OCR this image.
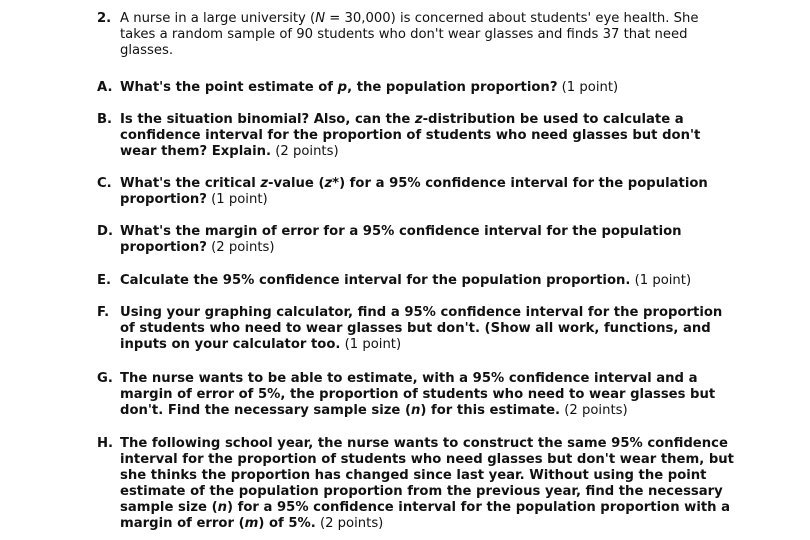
2. A nurse in a large university (N = 30,000) is concerned about students' eye health. She takes a random sample of 90 students who don't wear glasses and finds 37 that need glasses.
A. What's the point estimate of p, the population proportion? (1 point)
B. Is the situation binomial? Also, can the z-distribution be used to calculate a confidence interval for the proportion of students who need glasses but don't wear them? Explain. (2 points)
C. What's the critical z-value (z*) for a 95% confidence interval for the population proportion? (1 point)
D. What's the margin of error for a 95% confidence interval for the population proportion? (2 points)
E. Calculate the 95% confidence interval for the population proportion. (1 point)
F. Using your graphing calculator, find a 95% confidence interval for the proportion of students who need to wear glasses but don't. (Show all work, functions, and inputs on your calculator too. (1 point)
G. The nurse wants to be able to estimate, with a 95% confidence interval and a margin of error of 5%, the proportion of students who need to wear glasses but don't. Find the necessary sample size (n) for this estimate. (2 points)
H. The following school year, the nurse wants to construct the same 95% confidence interval for the proportion of students who need glasses but don't wear them, but she thinks the proportion has changed since last year. Without using the point estimate of the population proportion from the previous year, find the necessary sample size (n) for a 95% confidence interval for the population proportion with a margin of error (m) of 5%. (2 points)
